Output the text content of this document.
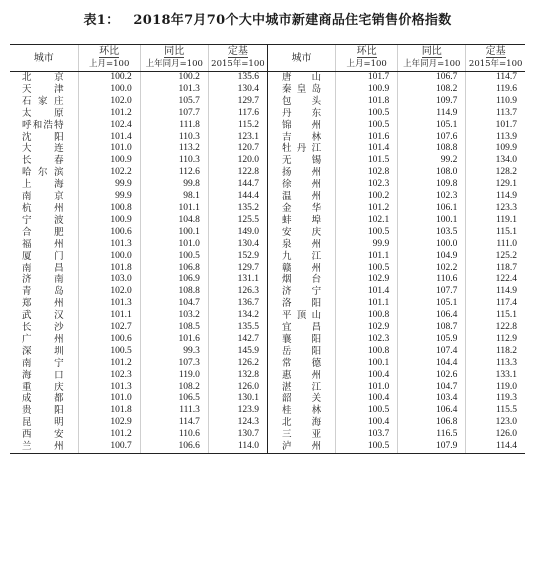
表1： 2018年7月70个大中城市新建商品住宅销售价格指数
城市	环比	同比	定基	城市	环比	同比	定基
	上月=100	上年同月=100	2015年=100		上月=100	上年同月=100	2015年=100
北京	100.2	100.2	135.6	唐山	101.7	106.7	114.7
天津	100.0	101.3	130.4	秦皇岛	100.9	108.2	119.6
石家庄	102.0	105.7	129.7	包头	101.8	109.7	110.9
太原	101.2	107.7	117.6	丹东	100.5	114.9	113.7
呼和浩特	102.4	111.8	115.2	锦州	100.5	105.1	101.7
沈阳	101.4	110.3	123.1	吉林	101.6	107.6	113.9
大连	101.0	113.2	120.7	牡丹江	101.4	108.8	109.9
长春	100.9	110.3	120.0	无锡	101.5	99.2	134.0
哈尔滨	102.2	112.6	122.8	扬州	102.8	108.0	128.2
上海	99.9	99.8	144.7	徐州	102.3	109.8	129.1
南京	99.9	98.1	144.4	温州	100.2	102.3	114.9
杭州	100.8	101.1	135.2	金华	101.2	106.1	123.3
宁波	100.9	104.8	125.5	蚌埠	102.1	100.1	119.1
合肥	100.6	100.1	149.0	安庆	100.5	103.5	115.1
福州	101.3	101.0	130.4	泉州	99.9	100.0	111.0
厦门	100.0	100.5	152.9	九江	101.1	104.9	125.2
南昌	101.8	106.8	129.7	赣州	100.5	102.2	118.7
济南	103.0	106.9	131.1	烟台	102.9	110.6	122.4
青岛	102.0	108.8	126.3	济宁	101.4	107.7	114.9
郑州	101.3	104.7	136.7	洛阳	101.1	105.1	117.4
武汉	101.1	103.2	134.2	平顶山	100.8	106.4	115.1
长沙	102.7	108.5	135.5	宜昌	102.9	108.7	122.8
广州	100.6	101.6	142.7	襄阳	102.3	105.9	112.9
深圳	100.5	99.3	145.9	岳阳	100.8	107.4	118.2
南宁	101.2	107.3	126.2	常德	100.1	104.4	113.3
海口	102.3	119.0	132.8	惠州	100.4	102.6	133.1
重庆	101.3	108.2	126.0	湛江	101.0	104.7	119.0
成都	101.0	106.5	130.1	韶关	100.4	103.4	119.3
贵阳	101.8	111.3	123.9	桂林	100.5	106.4	115.5
昆明	102.9	114.7	124.3	北海	100.4	106.8	123.0
西安	101.2	110.6	130.7	三亚	103.7	116.5	126.0
兰州	100.7	106.6	114.0	泸州	100.5	107.9	114.4
